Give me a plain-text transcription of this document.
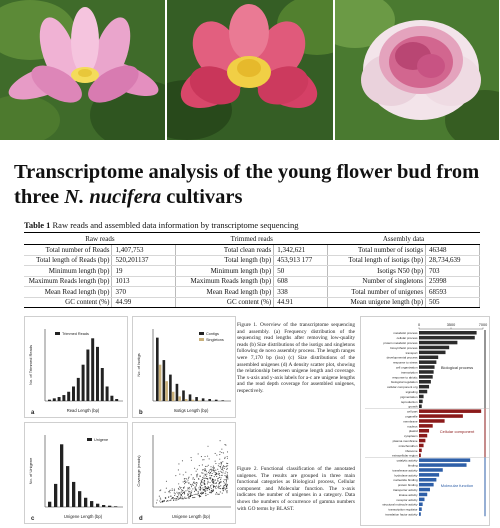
Transcriptome analysis of the young flower bud from
three N. nucifera cultivars
Table 1 Raw reads and assembled data information by transcriptome sequencing
Raw reads		Trimmed reads		Assembly data	
Total number of Reads	1,407,753	Total clean reads	1,342,621	Total number of isotigs	46348
Total length of Reads (bp)	520,201137	Total length (bp)	453,913 177	Total length of isotigs (bp)	28,734,639
Minimum length (bp)	19	Minimum length (bp)	50	Isotigs N50 (bp)	703
Maximum Reads length (bp)	1013	Maximum Reads length (bp)	608	Number of singletons	25998
Mean Read length (bp)	370	Mean Read length (bp)	338	Total number of unigenes	68593
GC content (%)	44.99	GC content (%)	44.91	Mean unigene length (bp)	505
a	Read Length (bp)
No. of Trimmed Reads
Trimmed Reads
b	Isotigs Length (bp)
No. of Isotigs
Contigs
Singletons
c	Unigene Length (bp)
No. of Unigene
Unigene
d	Unigene Length (bp)
Coverage (reads)
Figure 1. Overview of the transcriptome sequencing and assembly. (a) Frequency distribution of the sequencing read lengths after removing low-quality reads (b) Size distributions of the isotigs and singletons following de novo assembly process. The length ranges were 7,170 bp (iso) (c) Size distributions of the assembled unigenes (d) A density scatter plot, showing the relationship between unigene length and coverage. The x-axis and y-axis labels for a-c are unigene lengths and the read depth coverage for assembled unigenes, respectively.
Figure 2. Functional classification of the annotated unigenes. The results are grouped in three main functional categories as Biological process, Cellular component and Molecular function. The x-axis indicates the number of unigenes in a category. Data shows the numbers of occurrence of gamma numbers with GO terms by BLAST.
0	3500	7000
metabolic process
cellular process
protein metabolic process
biosynthetic process
transport
developmental process
response to stress
cell organization
transcription
response to abiotic
biological regulation
cellular component org
signaling
pigmentation
reproduction
growth
Biological process
cell part
organelle
membrane
nucleus
plastid
cytoplasm
plasma membrane
mitochondrion
ribosome
extracellular region
Cellular component
catalytic activity
binding
transferase activity
hydrolase activity
nucleotide binding
protein binding
transporter activity
kinase activity
receptor activity
structural molecule activity
transcription regulator
translation factor activity
Molecular function
